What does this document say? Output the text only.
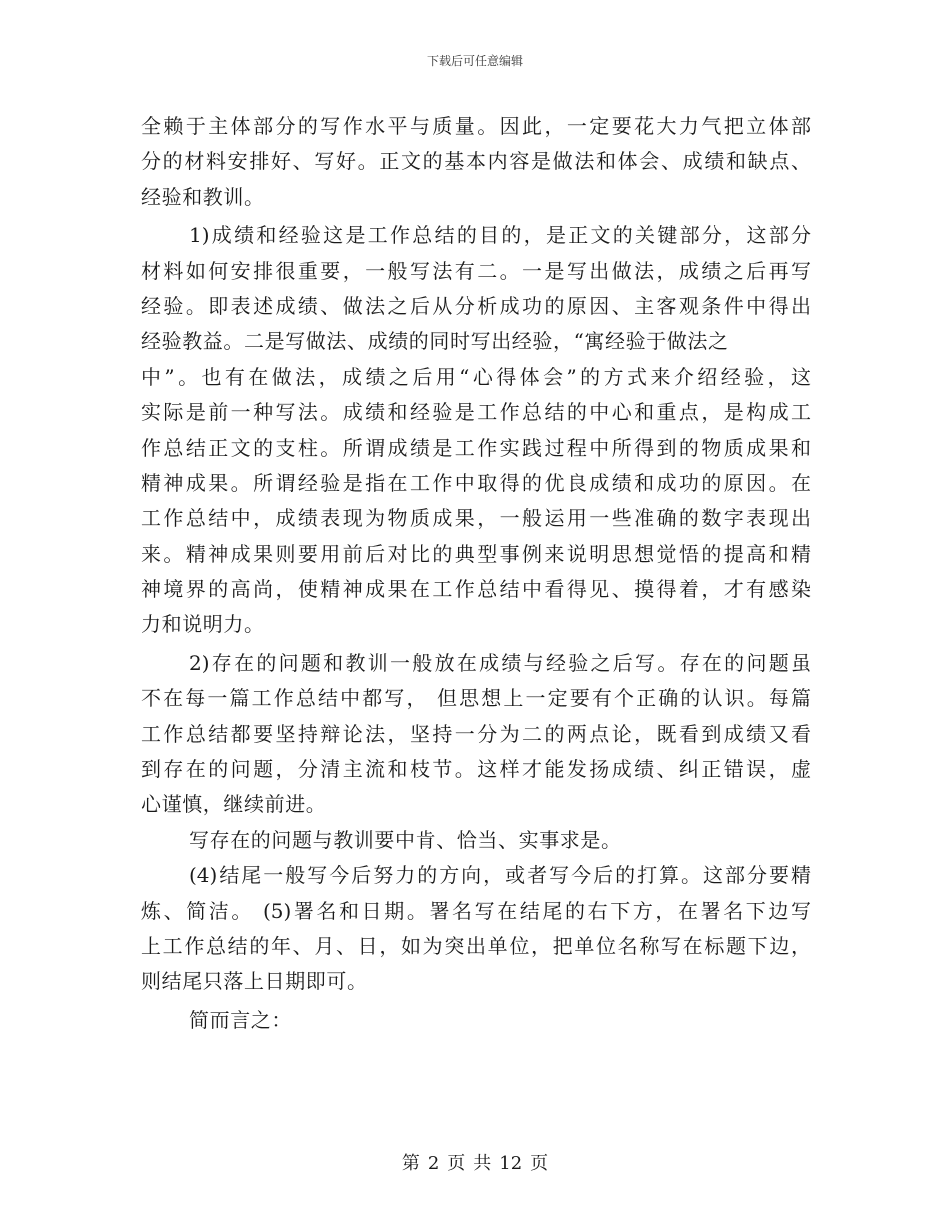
下载后可任意编辑
全赖于主体部分的写作水平与质量。因此，一定要花大力气把立体部
分的材料安排好、写好。正文的基本内容是做法和体会、成绩和缺点、
经验和教训。
1)成绩和经验这是工作总结的目的，是正文的关键部分，这部分
材料如何安排很重要，一般写法有二。一是写出做法，成绩之后再写
经验。即表述成绩、做法之后从分析成功的原因、主客观条件中得出
经验教益。二是写做法、成绩的同时写出经验，“寓经验于做法之
中”。也有在做法，成绩之后用“心得体会”的方式来介绍经验，这
实际是前一种写法。成绩和经验是工作总结的中心和重点，是构成工
作总结正文的支柱。所谓成绩是工作实践过程中所得到的物质成果和
精神成果。所谓经验是指在工作中取得的优良成绩和成功的原因。在
工作总结中，成绩表现为物质成果，一般运用一些准确的数字表现出
来。精神成果则要用前后对比的典型事例来说明思想觉悟的提高和精
神境界的高尚，使精神成果在工作总结中看得见、摸得着，才有感染
力和说明力。
2)存在的问题和教训一般放在成绩与经验之后写。存在的问题虽
不在每一篇工作总结中都写， 但思想上一定要有个正确的认识。每篇
工作总结都要坚持辩论法，坚持一分为二的两点论，既看到成绩又看
到存在的问题，分清主流和枝节。这样才能发扬成绩、纠正错误，虚
心谨慎，继续前进。
写存在的问题与教训要中肯、恰当、实事求是。
(4)结尾一般写今后努力的方向，或者写今后的打算。这部分要精
炼、简洁。 (5)署名和日期。署名写在结尾的右下方，在署名下边写
上工作总结的年、月、日，如为突出单位，把单位名称写在标题下边，
则结尾只落上日期即可。
简而言之：
第 2 页 共 12 页
